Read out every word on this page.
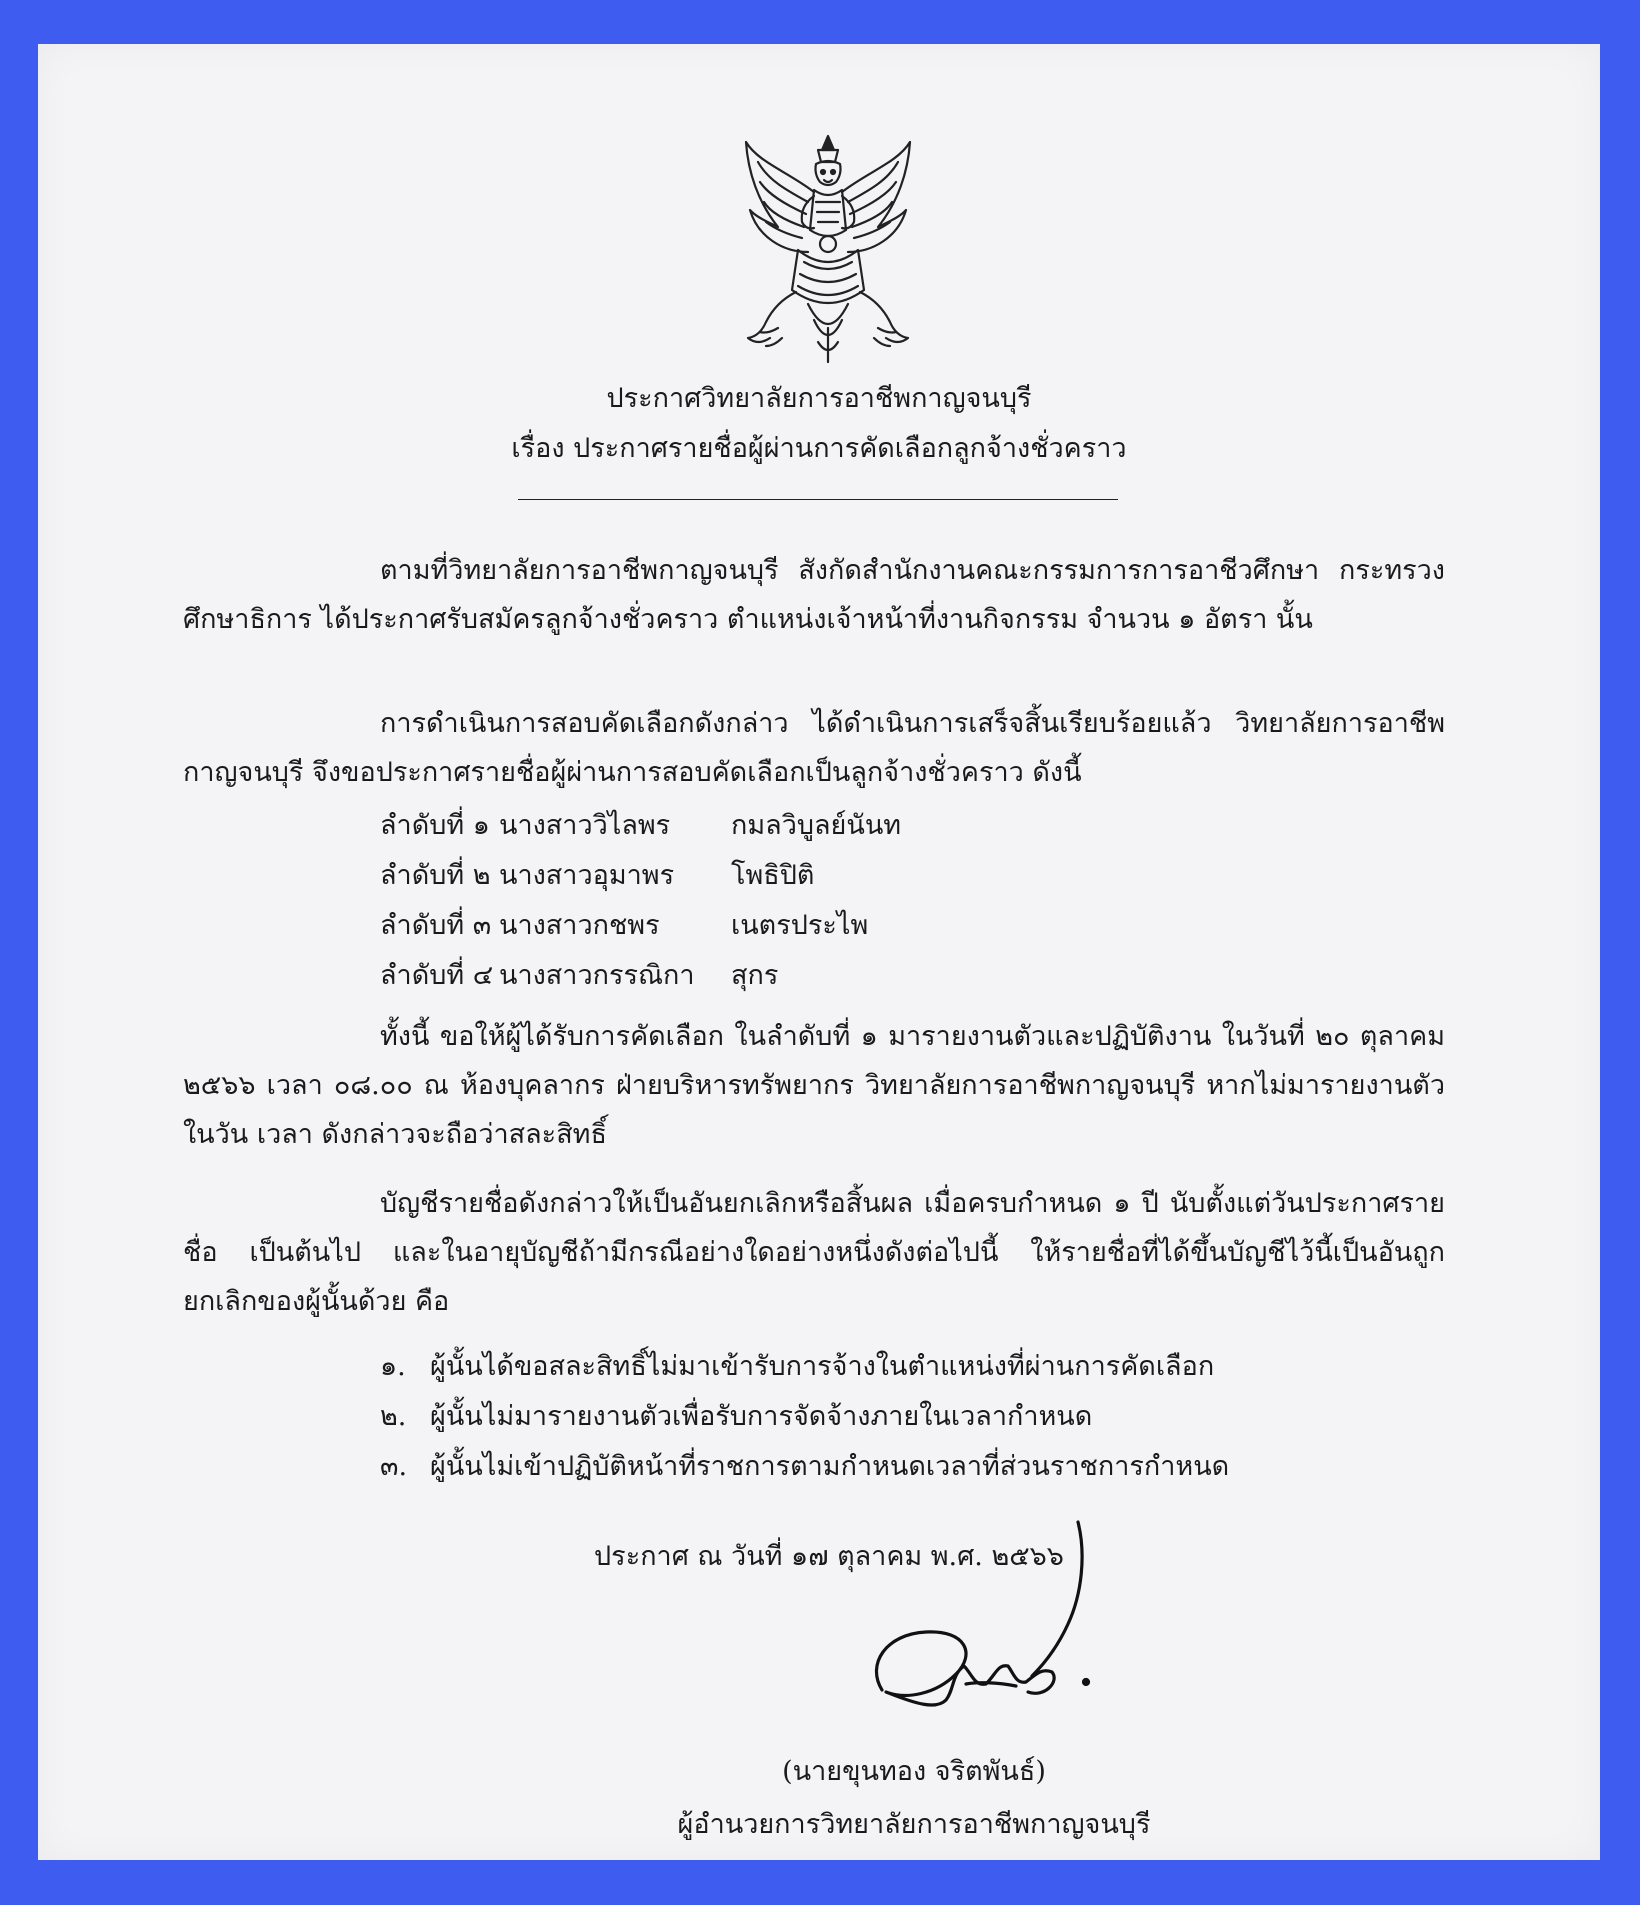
ประกาศวิทยาลัยการอาชีพกาญจนบุรี
เรื่อง ประกาศรายชื่อผู้ผ่านการคัดเลือกลูกจ้างชั่วคราว

ตามที่วิทยาลัยการอาชีพกาญจนบุรี สังกัดสำนักงานคณะกรรมการการอาชีวศึกษา กระทรวงศึกษาธิการ ได้ประกาศรับสมัครลูกจ้างชั่วคราว ตำแหน่งเจ้าหน้าที่งานกิจกรรม จำนวน ๑ อัตรา นั้น

การดำเนินการสอบคัดเลือกดังกล่าว ได้ดำเนินการเสร็จสิ้นเรียบร้อยแล้ว วิทยาลัยการอาชีพกาญจนบุรี จึงขอประกาศรายชื่อผู้ผ่านการสอบคัดเลือกเป็นลูกจ้างชั่วคราว ดังนี้

ลำดับที่ ๑ นางสาววิไลพร	กมลวิบูลย์นันท
ลำดับที่ ๒ นางสาวอุมาพร	โพธิปิติ
ลำดับที่ ๓ นางสาวกชพร	เนตรประไพ
ลำดับที่ ๔ นางสาวกรรณิกา	สุกร

ทั้งนี้ ขอให้ผู้ได้รับการคัดเลือก ในลำดับที่ ๑ มารายงานตัวและปฏิบัติงาน ในวันที่ ๒๐ ตุลาคม ๒๕๖๖ เวลา ๐๘.๐๐ ณ ห้องบุคลากร ฝ่ายบริหารทรัพยากร วิทยาลัยการอาชีพกาญจนบุรี หากไม่มารายงานตัวในวัน เวลา ดังกล่าวจะถือว่าสละสิทธิ์

บัญชีรายชื่อดังกล่าวให้เป็นอันยกเลิกหรือสิ้นผล เมื่อครบกำหนด ๑ ปี นับตั้งแต่วันประกาศรายชื่อ เป็นต้นไป และในอายุบัญชีถ้ามีกรณีอย่างใดอย่างหนึ่งดังต่อไปนี้ ให้รายชื่อที่ได้ขึ้นบัญชีไว้นี้เป็นอันถูกยกเลิกของผู้นั้นด้วย คือ

๑. ผู้นั้นได้ขอสละสิทธิ์ไม่มาเข้ารับการจ้างในตำแหน่งที่ผ่านการคัดเลือก
๒. ผู้นั้นไม่มารายงานตัวเพื่อรับการจัดจ้างภายในเวลากำหนด
๓. ผู้นั้นไม่เข้าปฏิบัติหน้าที่ราชการตามกำหนดเวลาที่ส่วนราชการกำหนด
ประกาศ ณ วันที่ ๑๗ ตุลาคม พ.ศ. ๒๕๖๖
(นายขุนทอง จริตพันธ์)
ผู้อำนวยการวิทยาลัยการอาชีพกาญจนบุรี
